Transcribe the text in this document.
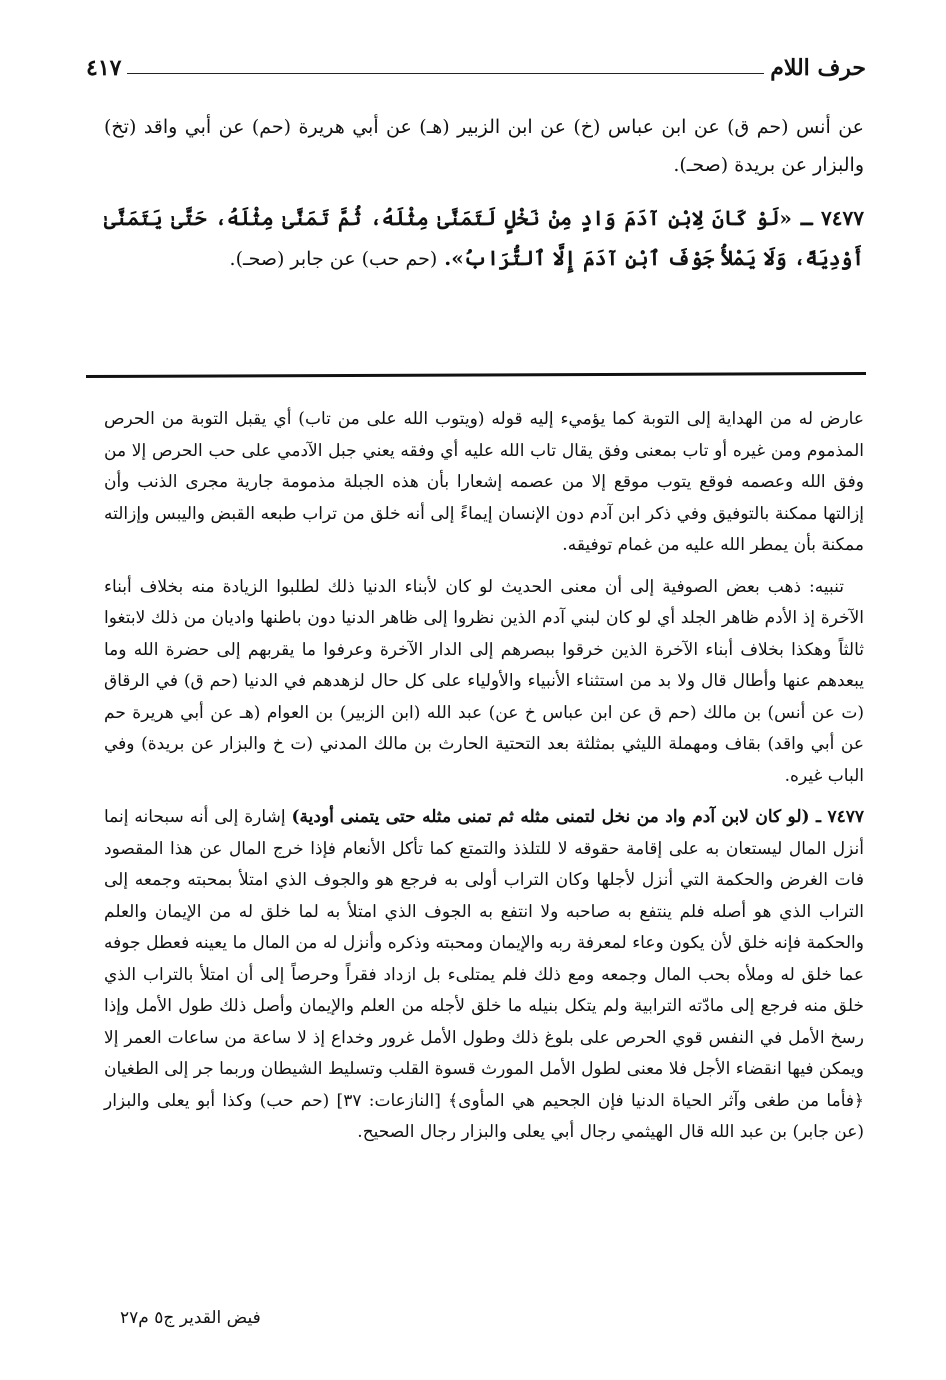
حرف اللام
٤١٧

عن أنس (حم ق) عن ابن عباس (خ) عن ابن الزبير (هـ) عن أبي هريرة (حم) عن أبي واقد (تخ) والبزار عن بريدة (صحـ).

٧٤٧٧ ـ «لَوْ كَانَ لِابْنِ آدَمَ وَادٍ مِنْ نَخْلٍ لَتَمَنَّىٰ مِثْلَهُ، ثُمَّ تَمَنَّىٰ مِثْلَهُ، حَتَّىٰ يَتَمَنَّىٰ أَوْدِيَةً، وَلَا يَمْلأُ جَوْفَ ٱبْنِ آدَمَ إِلَّا ٱلتُّرَابُ». (حم حب) عن جابر (صحـ).

عارض له من الهداية إلى التوبة كما يؤميء إليه قوله (ويتوب الله على من تاب) أي يقبل التوبة من الحرص المذموم ومن غيره أو تاب بمعنى وفق يقال تاب الله عليه أي وفقه يعني جبل الآدمي على حب الحرص إلا من وفق الله وعصمه فوقع يتوب موقع إلا من عصمه إشعارا بأن هذه الجبلة مذمومة جارية مجرى الذنب وأن إزالتها ممكنة بالتوفيق وفي ذكر ابن آدم دون الإنسان إيماءً إلى أنه خلق من تراب طبعه القبض واليبس وإزالته ممكنة بأن يمطر الله عليه من غمام توفيقه.

تنبيه: ذهب بعض الصوفية إلى أن معنى الحديث لو كان لأبناء الدنيا ذلك لطلبوا الزيادة منه بخلاف أبناء الآخرة إذ الأدم ظاهر الجلد أي لو كان لبني آدم الذين نظروا إلى ظاهر الدنيا دون باطنها واديان من ذلك لابتغوا ثالثاً وهكذا بخلاف أبناء الآخرة الذين خرقوا ببصرهم إلى الدار الآخرة وعرفوا ما يقربهم إلى حضرة الله وما يبعدهم عنها وأطال قال ولا بد من استثناء الأنبياء والأولياء على كل حال لزهدهم في الدنيا (حم ق) في الرقاق (ت عن أنس) بن مالك (حم ق عن ابن عباس خ عن) عبد الله (ابن الزبير) بن العوام (هـ عن أبي هريرة حم عن أبي واقد) بقاف ومهملة الليثي بمثلثة بعد التحتية الحارث بن مالك المدني (ت خ والبزار عن بريدة) وفي الباب غيره.

٧٤٧٧ ـ (لو كان لابن آدم واد من نخل لتمنى مثله ثم تمنى مثله حتى يتمنى أودية) إشارة إلى أنه سبحانه إنما أنزل المال ليستعان به على إقامة حقوقه لا للتلذذ والتمتع كما تأكل الأنعام فإذا خرج المال عن هذا المقصود فات الغرض والحكمة التي أنزل لأجلها وكان التراب أولى به فرجع هو والجوف الذي امتلأ بمحبته وجمعه إلى التراب الذي هو أصله فلم ينتفع به صاحبه ولا انتفع به الجوف الذي امتلأ به لما خلق له من الإيمان والعلم والحكمة فإنه خلق لأن يكون وعاء لمعرفة ربه والإيمان ومحبته وذكره وأنزل له من المال ما يعينه فعطل جوفه عما خلق له وملأه بحب المال وجمعه ومع ذلك فلم يمتلىء بل ازداد فقراً وحرصاً إلى أن امتلأ بالتراب الذي خلق منه فرجع إلى مادّته الترابية ولم يتكل بنيله ما خلق لأجله من العلم والإيمان وأصل ذلك طول الأمل وإذا رسخ الأمل في النفس قوي الحرص على بلوغ ذلك وطول الأمل غرور وخداع إذ لا ساعة من ساعات العمر إلا ويمكن فيها انقضاء الأجل فلا معنى لطول الأمل المورث قسوة القلب وتسليط الشيطان وربما جر إلى الطغيان ﴿فأما من طغى وآثر الحياة الدنيا فإن الجحيم هي المأوى﴾ [النازعات: ٣٧] (حم حب) وكذا أبو يعلى والبزار (عن جابر) بن عبد الله قال الهيثمي رجال أبي يعلى والبزار رجال الصحيح.

فيض القدير ج٥ م٢٧
